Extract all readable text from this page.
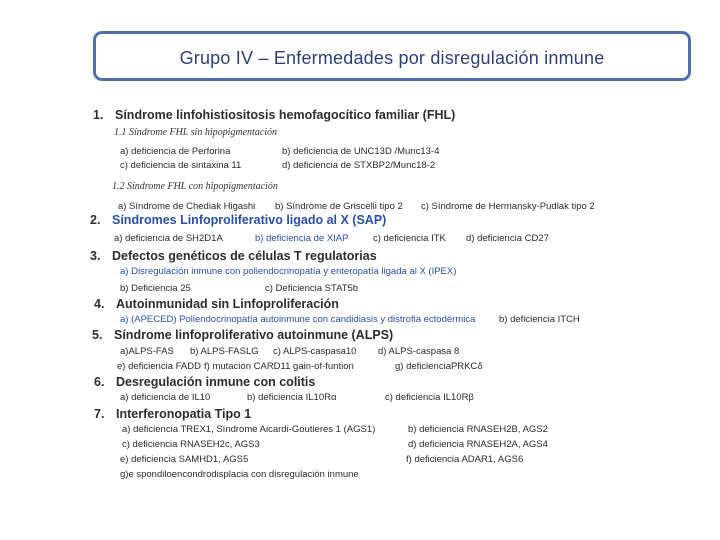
Grupo IV – Enfermedades por disregulación inmune
1. Síndrome linfohistiositosis hemofagocítico familiar (FHL)
1.1 Síndrome FHL sin hipopigmentación
a) deficiencia de Perforina	b) deficiencia de UNC13D /Munc13-4
c) deficiencia de sintaxina 11	d) deficiencia de STXBP2/Munc18-2
1.2 Síndrome FHL con hipopigmentación
a) Síndrome de Chediak Higashi b) Síndrome de Griscelli tipo 2 c) Síndrome de Hermansky-Pudlak tipo 2
2. Síndromes Linfoproliferativo ligado al X (SAP)
a) deficiencia de SH2D1A	b) deficiencia de XIAP	c) deficiencia ITK d) deficiencia CD27
3. Defectos genéticos de células T regulatorias
a) Disregulación inmune con poliendocrinopatía y enteropatía ligada al X (IPEX)
b) Deficiencia 25	c) Deficiencia STAT5b
4. Autoinmunidad sin Linfoproliferación
a) (APECED) Poliendocrinopatía autoinmune con candidiasis y distrofia ectodérmica b) deficiencia ITCH
5. Síndrome linfoproliferativo autoinmune (ALPS)
a)ALPS-FAS b) ALPS-FASLG c) ALPS-caspasa10 d) ALPS-caspasa 8
e) deficiencia FADD f) mutación CARD11 gain-of-funtion	g) deficienciaPRKCδ
6. Desregulación inmune con colitis
a) deficiencia de IL10	b) deficiencia IL10Rα	c) deficiencia IL10Rβ
7. Interferonopatia Tipo 1
a) deficiencia TREX1, Síndrome Aicardi-Goutieres 1 (AGS1)	b) deficiencia RNASEH2B, AGS2
c) deficiencia RNASEH2c, AGS3	d) deficiencia RNASEH2A, AGS4
e) deficiencia SAMHD1, AGS5	f) deficiencia ADAR1, AGS6
g)e spondiloencondrodisplacia con disregulación inmune
